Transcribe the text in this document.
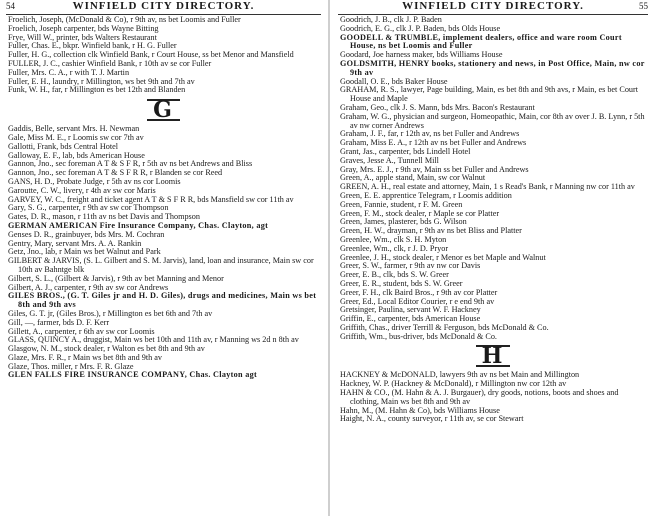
54	WINFIELD CITY DIRECTORY.
Froelich, Joseph, (McDonald & Co), r 9th av, ns bet Loomis and Fuller
Froelich, Joseph carpenter, bds Wayne Bitting
Frye, Will W., printer, bds Walters Restaurant
Fuller, Chas. E., bkpr. Winfield bank, r H. G. Fuller
Fuller, H. G., collection clk Winfield Bank, r Court House, ss bet Menor and Mansfield
FULLER, J. C., cashier Winfield Bank, r 10th av se cor Fuller
Fuller, Mrs. C. A., r with T. J. Martin
Fuller, E. H., laundry, r Millington, ws bet 9th and 7th av
Funk, W. H., far, r Millington es bet 12th and Blanden
G
Gaddis, Belle, servant Mrs. H. Newman
Gale, Miss M. E., r Loomis sw cor 7th av
Gallotti, Frank, bds Central Hotel
Galloway, E. F., lab, bds American House
Gannon, Jno., sec foreman A T & S F R, r 5th av ns bet Andrews and Bliss
Gannon, Jno., sec foreman A T & S F R R, r Blanden se cor Reed
GANS, H. D., Probate Judge, r 5th av ns cor Loomis
Garoutte, C. W., livery, r 4th av sw cor Maris
GARVEY, W. C., freight and ticket agent A T & S F R R, bds Mansfield sw cor 11th av
Gary, S. G., carpenter, r 9th av sw cor Thompson
Gates, D. R., mason, r 11th av ns bet Davis and Thompson
GERMAN AMERICAN Fire Insurance Company, Chas. Clayton, agt
Genses D. R., grainbuyer, bds Mrs. M. Cochran
Gentry, Mary, servant Mrs. A. A. Rankin
Getz, Jno., lab, r Main ws bet Walnut and Park
GILBERT & JARVIS, (S. L. Gilbert and S. M. Jarvis), land, loan and insurance, Main sw cor 10th av Bahntge blk
Gilbert, S. L., (Gilbert & Jarvis), r 9th av bet Manning and Menor
Gilbert, A. J., carpenter, r 9th av sw cor Andrews
GILES BROS., (G. T. Giles jr and H. D. Giles), drugs and medicines, Main ws bet 8th and 9th avs
Giles, G. T. jr, (Giles Bros.), r Millington es bet 6th and 7th av
Gill, —, farmer, bds D. F. Kerr
Gillett, A., carpenter, r 6th av sw cor Loomis
GLASS, QUINCY A., druggist, Main ws bet 10th and 11th av, r Manning ws 2d n 8th av
Glasgow, N. M., stock dealer, r Walton es bet 8th and 9th av
Glaze, Mrs. F. R., r Main ws bet 8th and 9th av
Glaze, Thos. miller, r Mrs. F. R. Glaze
GLEN FALLS FIRE INSURANCE COMPANY, Chas. Clayton agt
WINFIELD CITY DIRECTORY.	55
Goodrich, J. B., clk J. P. Baden
Goodrich, E. G., clk J. P. Baden, bds Olds House
GOODELL & TRUMBLE, implement dealers, office and ware room Court House, ns bet Loomis and Fuller
Goodard, Joe harness maker, bds Williams House
GOLDSMITH, HENRY books, stationery and news, in Post Office, Main, nw cor 9th av
Goodall, O. E., bds Baker House
GRAHAM, R. S., lawyer, Page building, Main, es bet 8th and 9th avs, r Main, es bet Court House and Maple
Graham, Geo., clk J. S. Mann, bds Mrs. Bacon's Restaurant
Graham, W. G., physician and surgeon, Homeopathic, Main, cor 8th av over J. B. Lynn, r 5th av nw corner Andrews
Graham, J. F., far, r 12th av, ns bet Fuller and Andrews
Graham, Miss E. A., r 12th av ns bet Fuller and Andrews
Grant, Jas., carpenter, bds Lindell Hotel
Graves, Jesse A., Tunnell Mill
Gray, Mrs. E. J., r 9th av, Main ss bet Fuller and Andrews
Green, A., apple stand, Main, sw cor Walnut
GREEN, A. H., real estate and attorney, Main, 1 s Read's Bank, r Manning nw cor 11th av
Green, E. E. apprentice Telegram, r Loomis addition
Green, Fannie, student, r F. M. Green
Green, F. M., stock dealer, r Maple se cor Platter
Green, James, plasterer, bds G. Wilson
Green, H. W., drayman, r 9th av ns bet Bliss and Platter
Greenlee, Wm., clk S. H. Myton
Greenlee, Wm., clk, r J. D. Pryor
Greenlee, J. H., stock dealer, r Menor es bet Maple and Walnut
Greer, S. W., farmer, r 9th av nw cor Davis
Greer, E. B., clk, bds S. W. Greer
Greer, E. R., student, bds S. W. Greer
Greer, F. H., clk Baird Bros., r 9th av cor Platter
Greer, Ed., Local Editor Courier, r e end 9th av
Gretsinger, Paulina, servant W. F. Hackney
Griffin, E., carpenter, bds American House
Griffith, Chas., driver Terrill & Ferguson, bds McDonald & Co.
Griffith, Wm., bus-driver, bds McDonald & Co.
H
HACKNEY & McDONALD, lawyers 9th av ns bet Main and Millington
Hackney, W. P. (Hackney & McDonald), r Millington nw cor 12th av
HAHN & CO., (M. Hahn & A. J. Burgauer), dry goods, notions, boots and shoes and clothing, Main ws bet 8th and 9th av
Hahn, M., (M. Hahn & Co), bds Williams House
Haight, N. A., county surveyor, r 11th av, se cor Stewart
